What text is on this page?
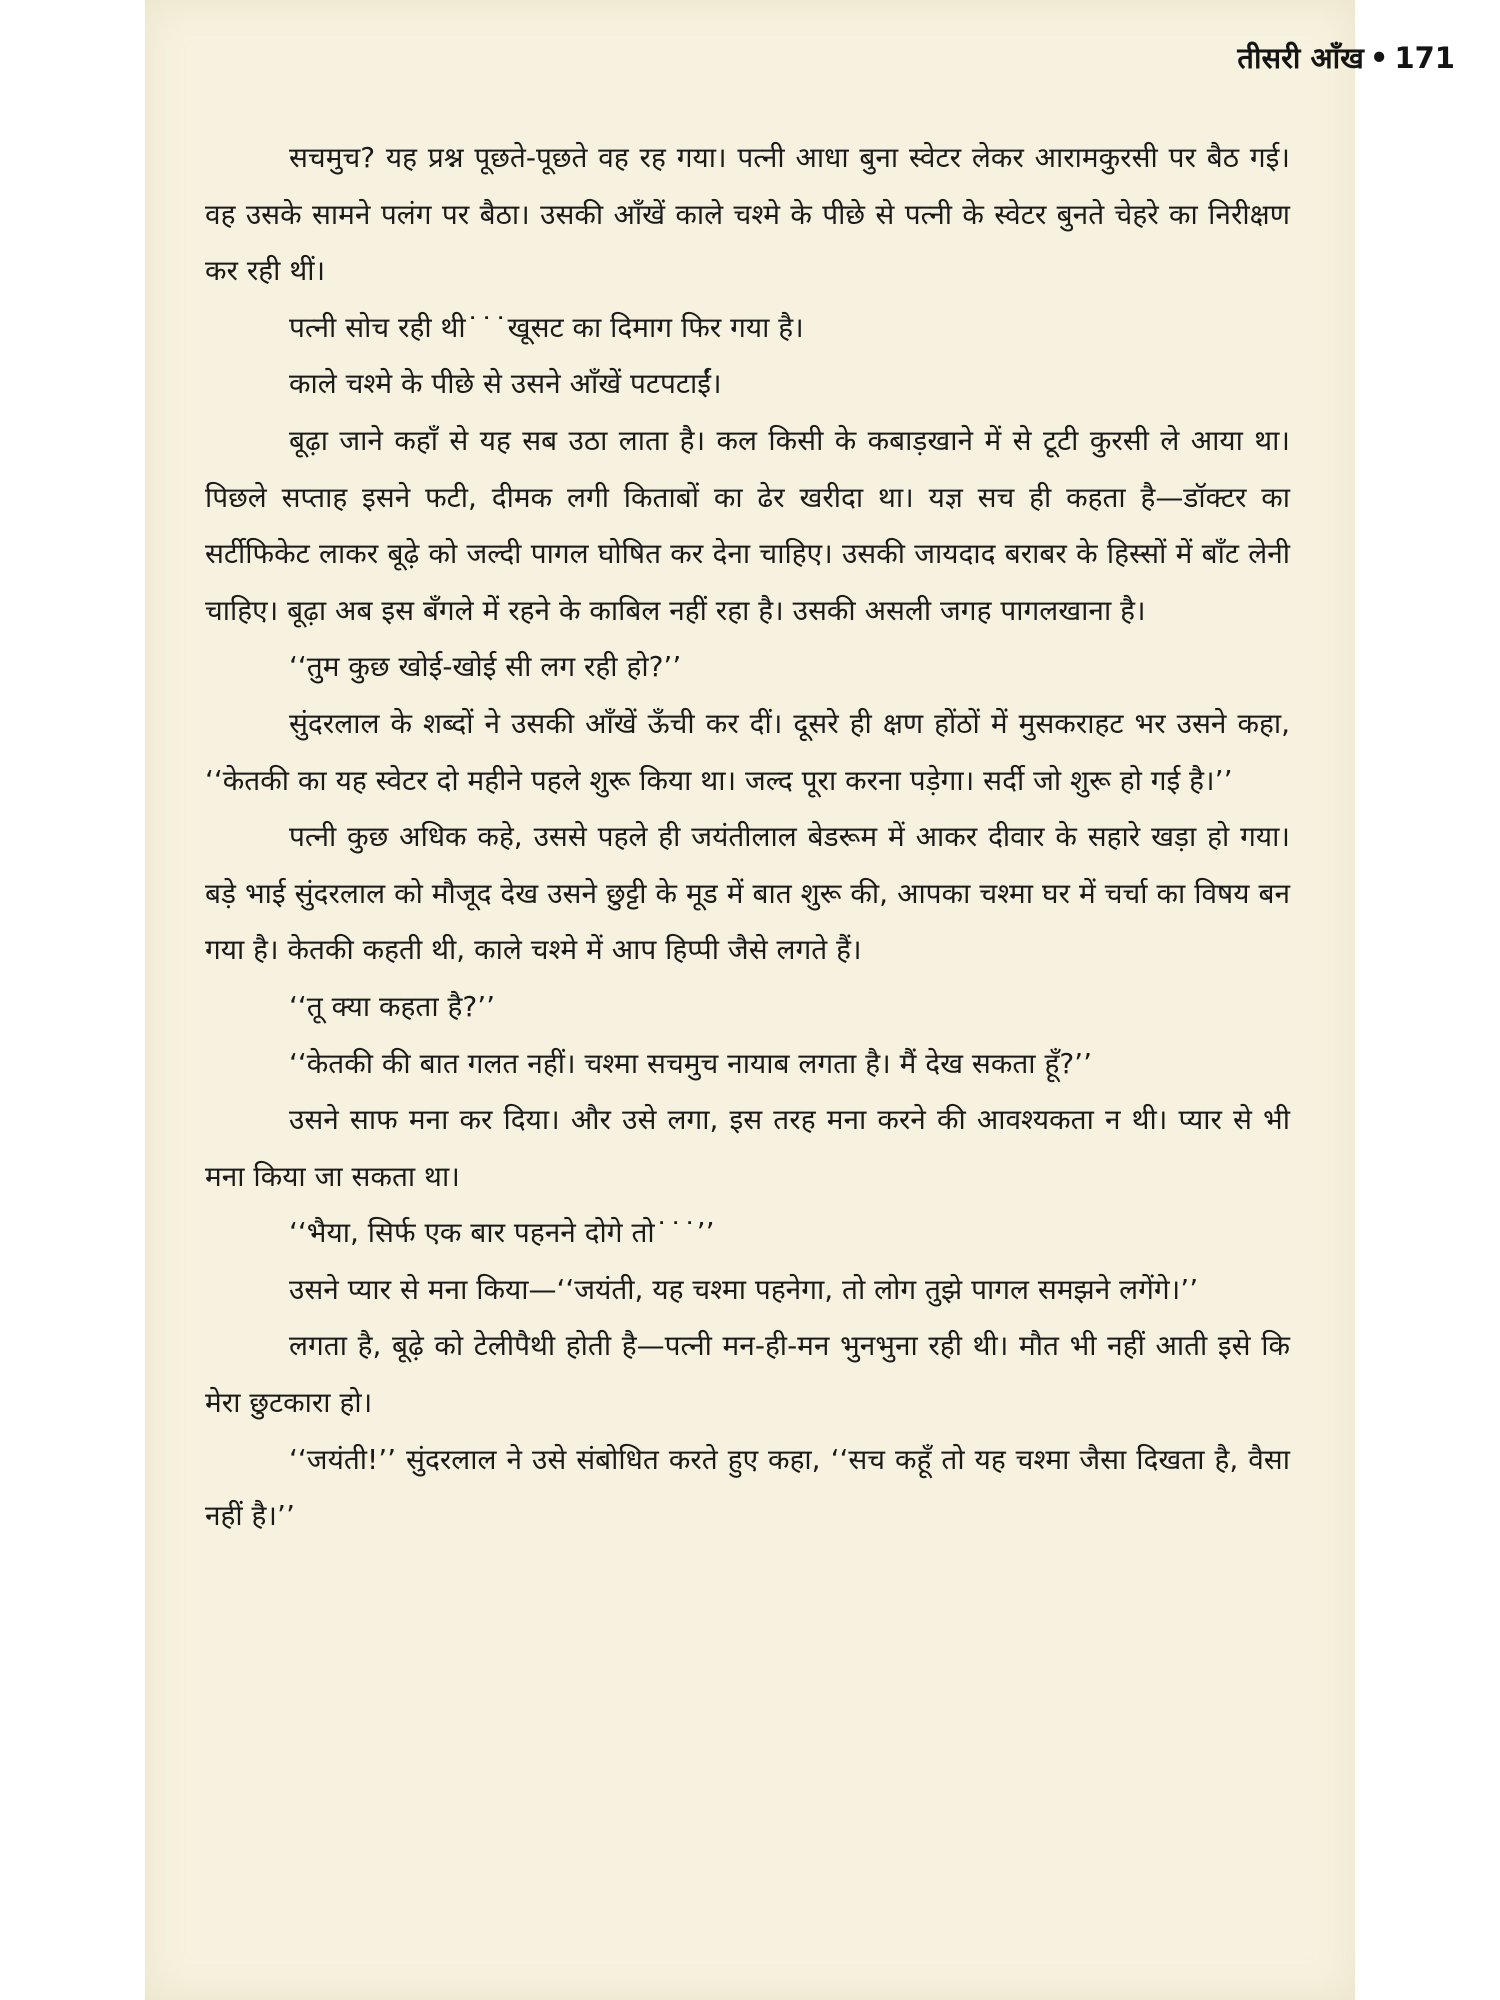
तीसरी आँख • 171

सचमुच? यह प्रश्न पूछते-पूछते वह रह गया। पत्नी आधा बुना स्वेटर लेकर आरामकुरसी पर बैठ गई। वह उसके सामने पलंग पर बैठा। उसकी आँखें काले चश्मे के पीछे से पत्नी के स्वेटर बुनते चेहरे का निरीक्षण कर रही थीं।

पत्नी सोच रही थी˙˙˙खूसट का दिमाग फिर गया है।

काले चश्मे के पीछे से उसने आँखें पटपटाईं।

बूढ़ा जाने कहाँ से यह सब उठा लाता है। कल किसी के कबाड़खाने में से टूटी कुरसी ले आया था। पिछले सप्ताह इसने फटी, दीमक लगी किताबों का ढेर खरीदा था। यज्ञ सच ही कहता है—डॉक्टर का सर्टीफिकेट लाकर बूढ़े को जल्दी पागल घोषित कर देना चाहिए। उसकी जायदाद बराबर के हिस्सों में बाँट लेनी चाहिए। बूढ़ा अब इस बँगले में रहने के काबिल नहीं रहा है। उसकी असली जगह पागलखाना है।

‘‘तुम कुछ खोई-खोई सी लग रही हो?’’

सुंदरलाल के शब्दों ने उसकी आँखें ऊँची कर दीं। दूसरे ही क्षण होंठों में मुसकराहट भर उसने कहा, ‘‘केतकी का यह स्वेटर दो महीने पहले शुरू किया था। जल्द पूरा करना पड़ेगा। सर्दी जो शुरू हो गई है।’’

पत्नी कुछ अधिक कहे, उससे पहले ही जयंतीलाल बेडरूम में आकर दीवार के सहारे खड़ा हो गया। बड़े भाई सुंदरलाल को मौजूद देख उसने छुट्टी के मूड में बात शुरू की, आपका चश्मा घर में चर्चा का विषय बन गया है। केतकी कहती थी, काले चश्मे में आप हिप्पी जैसे लगते हैं।

‘‘तू क्या कहता है?’’

‘‘केतकी की बात गलत नहीं। चश्मा सचमुच नायाब लगता है। मैं देख सकता हूँ?’’

उसने साफ मना कर दिया। और उसे लगा, इस तरह मना करने की आवश्यकता न थी। प्यार से भी मना किया जा सकता था।

‘‘भैया, सिर्फ एक बार पहनने दोगे तो˙˙˙’’

उसने प्यार से मना किया—‘‘जयंती, यह चश्मा पहनेगा, तो लोग तुझे पागल समझने लगेंगे।’’

लगता है, बूढ़े को टेलीपैथी होती है—पत्नी मन-ही-मन भुनभुना रही थी। मौत भी नहीं आती इसे कि मेरा छुटकारा हो।

‘‘जयंती!’’ सुंदरलाल ने उसे संबोधित करते हुए कहा, ‘‘सच कहूँ तो यह चश्मा जैसा दिखता है, वैसा नहीं है।’’
